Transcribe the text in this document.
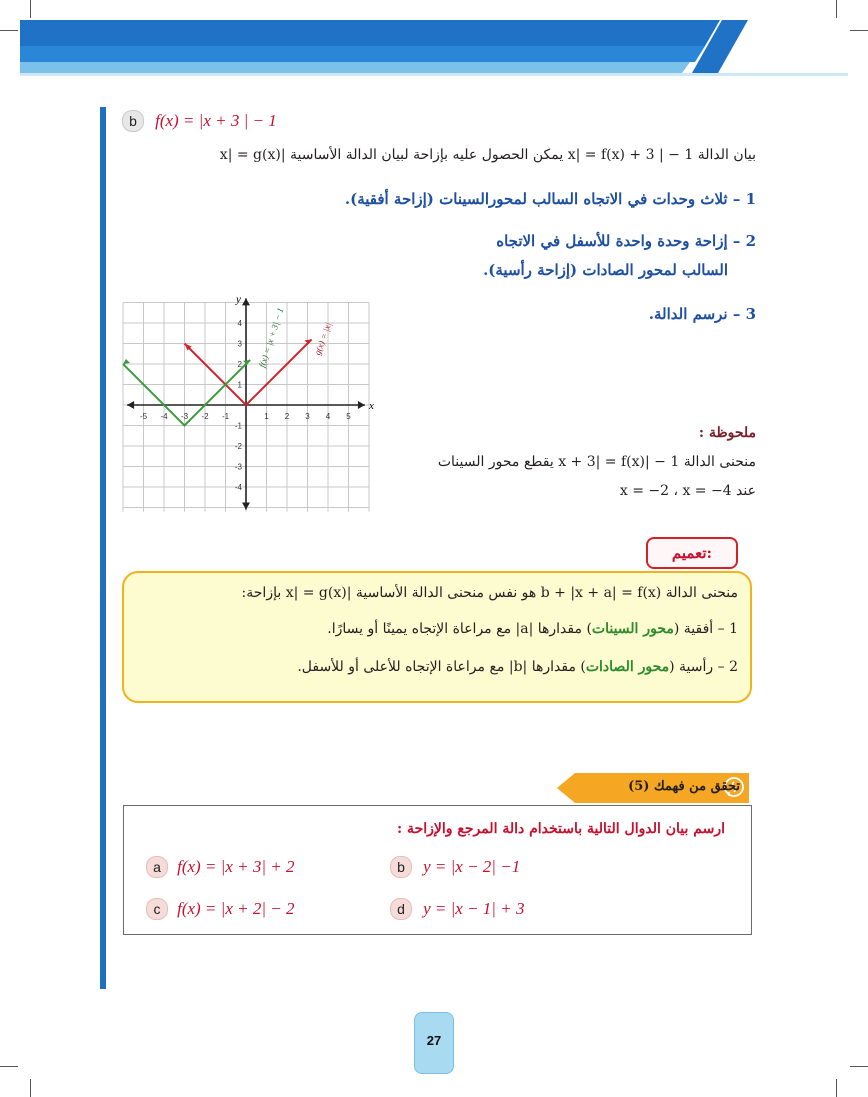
b f(x) = |x + 3 | − 1
بيان الدالة 1 − | 3 + x| = f(x) يمكن الحصول عليه بإزاحة لبيان الدالة الأساسية |x| = g(x)
1 – ثلاث وحدات في الاتجاه السالب لمحورالسينات (إزاحة أفقية).
2 – إزاحة وحدة واحدة للأسفل في الاتجاه
السالب لمحور الصادات (إزاحة رأسية).
3 – نرسم الدالة.
-5 -4 -3 -2 -1	1 2 3 4 5
4
3
2
1
-1
-2
-3
-4
f(x) = |x + 3| − 1	g(x) = |x|
x
y
ملحوظة :
منحنى الدالة 1 − |x + 3| = f(x) يقطع محور السينات
عند x = −2 ، x = −4
تعميم:
منحنى الدالة b + |x + a| = f(x) هو نفس منحنى الدالة الأساسية |x| = g(x) بإزاحة:
1 – أفقية (محور السينات) مقدارها |a| مع مراعاة الإتجاه يمينًا أو يسارًا.
2 – رأسية (محور الصادات) مقدارها |b| مع مراعاة الإتجاه للأعلى أو للأسفل.
تحقق من فهمك (5)
ارسم بيان الدوال التالية باستخدام دالة المرجع والإزاحة :
a f(x) = |x + 3| + 2	b y = |x − 2| −1
c f(x) = |x + 2| − 2	d y = |x − 1| + 3
27
